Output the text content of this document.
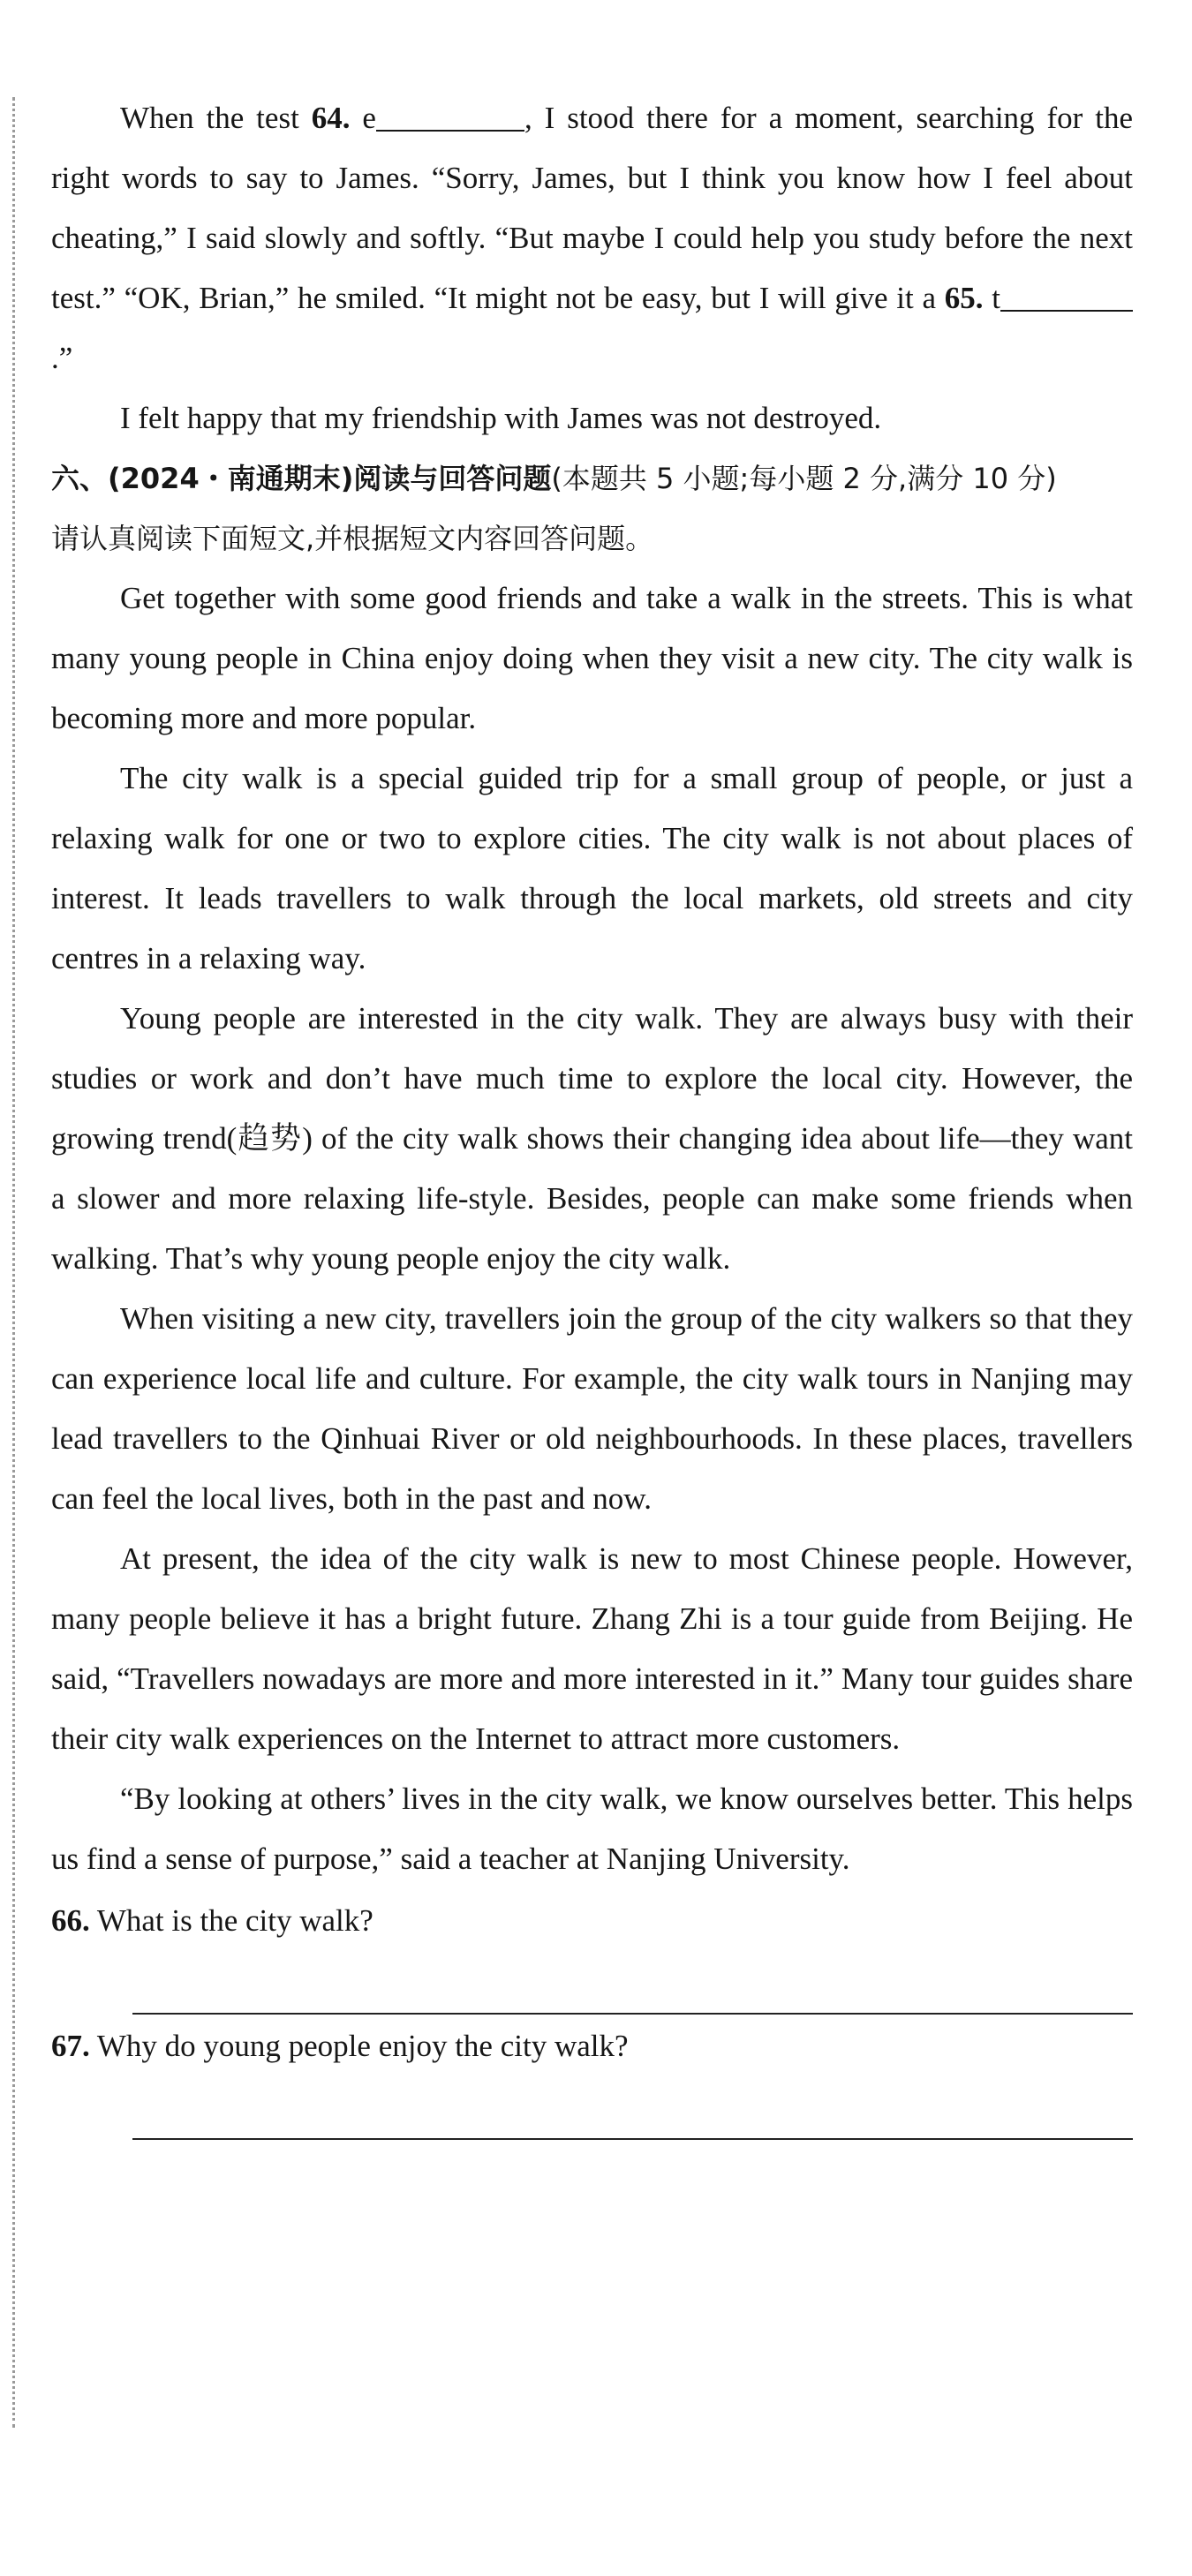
When the test 64. e	, I stood there for a moment, searching for the right words to say to James. “Sorry, James, but I think you know how I feel about cheating,” I said slowly and softly. “But maybe I could help you study before the next test.” “OK, Brian,” he smiled. “It might not be easy, but I will give it a 65. t.”

I felt happy that my friendship with James was not destroyed.

六、(2024・南通期末)阅读与回答问题(本题共 5 小题;每小题 2 分,满分 10 分)
请认真阅读下面短文,并根据短文内容回答问题。

Get together with some good friends and take a walk in the streets. This is what many young people in China enjoy doing when they visit a new city. The city walk is becoming more and more popular.

The city walk is a special guided trip for a small group of people, or just a relaxing walk for one or two to explore cities. The city walk is not about places of interest. It leads travellers to walk through the local markets, old streets and city centres in a relaxing way.

Young people are interested in the city walk. They are always busy with their studies or work and don’t have much time to explore the local city. However, the growing trend(趋势) of the city walk shows their changing idea about life—they want a slower and more relaxing life-style. Besides, people can make some friends when walking. That’s why young people enjoy the city walk.

When visiting a new city, travellers join the group of the city walkers so that they can experience local life and culture. For example, the city walk tours in Nanjing may lead travellers to the Qinhuai River or old neighbourhoods. In these places, travellers can feel the local lives, both in the past and now.

At present, the idea of the city walk is new to most Chinese people. However, many people believe it has a bright future. Zhang Zhi is a tour guide from Beijing. He said, “Travellers nowadays are more and more interested in it.” Many tour guides share their city walk experiences on the Internet to attract more customers.

“By looking at others’ lives in the city walk, we know ourselves better. This helps us find a sense of purpose,” said a teacher at Nanjing University.

66. What is the city walk?

67. Why do young people enjoy the city walk?
